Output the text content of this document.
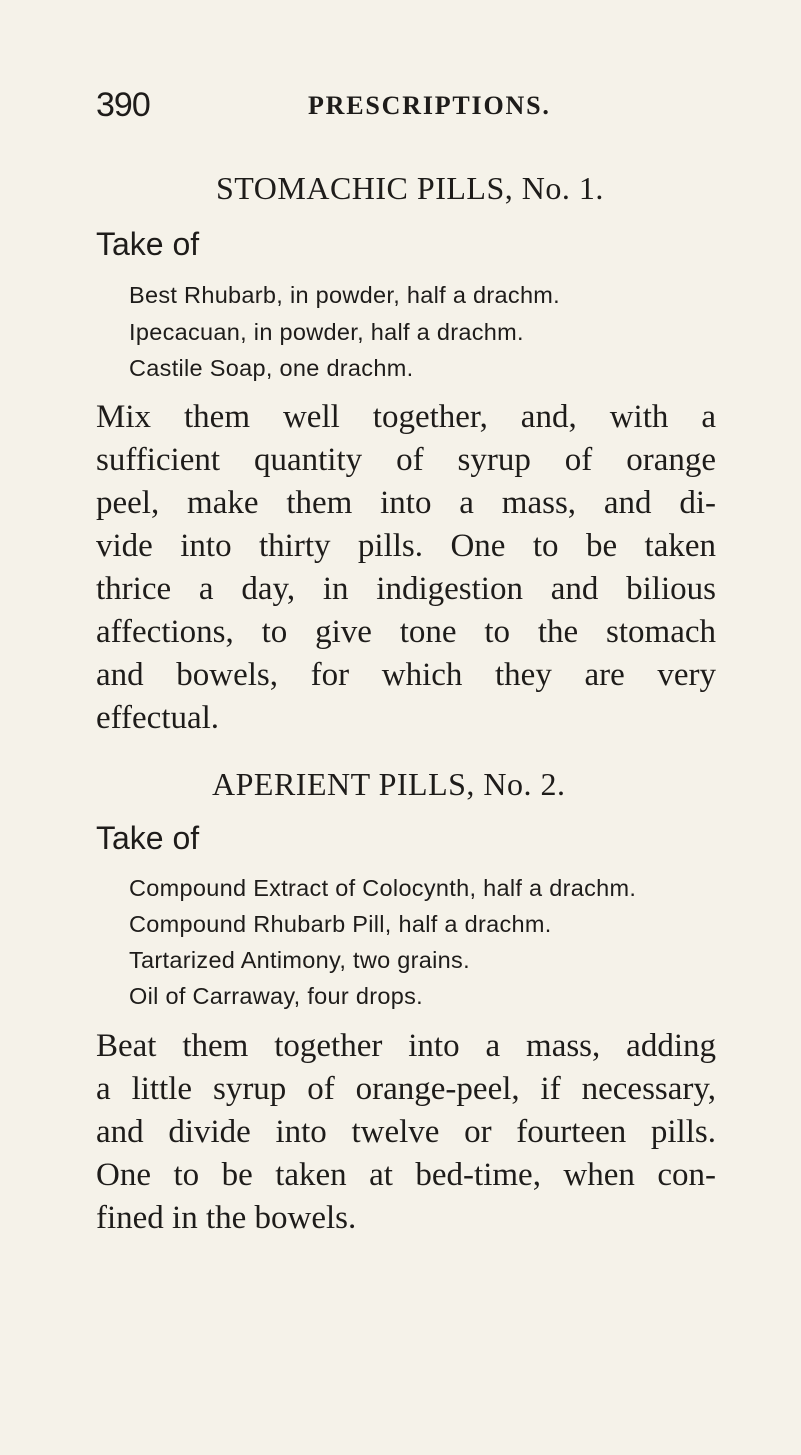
390	PRESCRIPTIONS.
STOMACHIC PILLS, No. 1.
Take of
Best Rhubarb, in powder, half a drachm.
Ipecacuan, in powder, half a drachm.
Castile Soap, one drachm.

Mix them well together, and, with a
sufficient quantity of syrup of orange
peel, make them into a mass, and di-
vide into thirty pills. One to be taken
thrice a day, in indigestion and bilious
affections, to give tone to the stomach
and bowels, for which they are very
effectual.

APERIENT PILLS, No. 2.
Take of
Compound Extract of Colocynth, half a drachm.
Compound Rhubarb Pill, half a drachm.
Tartarized Antimony, two grains.
Oil of Carraway, four drops.

Beat them together into a mass, adding
a little syrup of orange-peel, if necessary,
and divide into twelve or fourteen pills.
One to be taken at bed-time, when con-
fined in the bowels.
